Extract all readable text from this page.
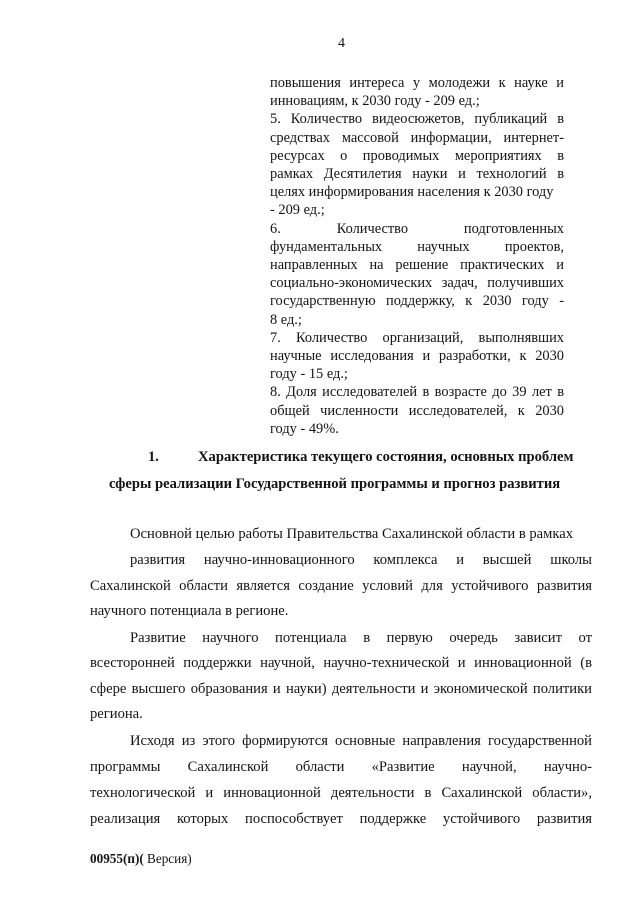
4
повышения интереса у молодежи к науке и
инновациям, к 2030 году - 209 ед.;
5. Количество видеосюжетов, публикаций в
средствах массовой информации, интернет-
ресурсах о проводимых мероприятиях в
рамках Десятилетия науки и технологий в
целях информирования населения к 2030 году
- 209 ед.;
6. Количество подготовленных
фундаментальных научных проектов,
направленных на решение практических и
социально-экономических задач, получивших
государственную поддержку, к 2030 году -
8 ед.;
7. Количество организаций, выполнявших
научные исследования и разработки, к 2030
году - 15 ед.;
8. Доля исследователей в возрасте до 39 лет в
общей численности исследователей, к 2030
году - 49%.
1.	Характеристика текущего состояния, основных проблем
сферы реализации Государственной программы и прогноз развития
Основной целью работы Правительства Сахалинской области в рамках
развития научно-инновационного комплекса и высшей школы
Сахалинской области является создание условий для устойчивого развития
научного потенциала в регионе.
Развитие научного потенциала в первую очередь зависит от
всесторонней поддержки научной, научно-технической и инновационной (в
сфере высшего образования и науки) деятельности и экономической политики
региона.
Исходя из этого формируются основные направления государственной
программы Сахалинской области «Развитие научной, научно-
технологической и инновационной деятельности в Сахалинской области»,
реализация которых поспособствует поддержке устойчивого развития
00955(п)( Версия)
